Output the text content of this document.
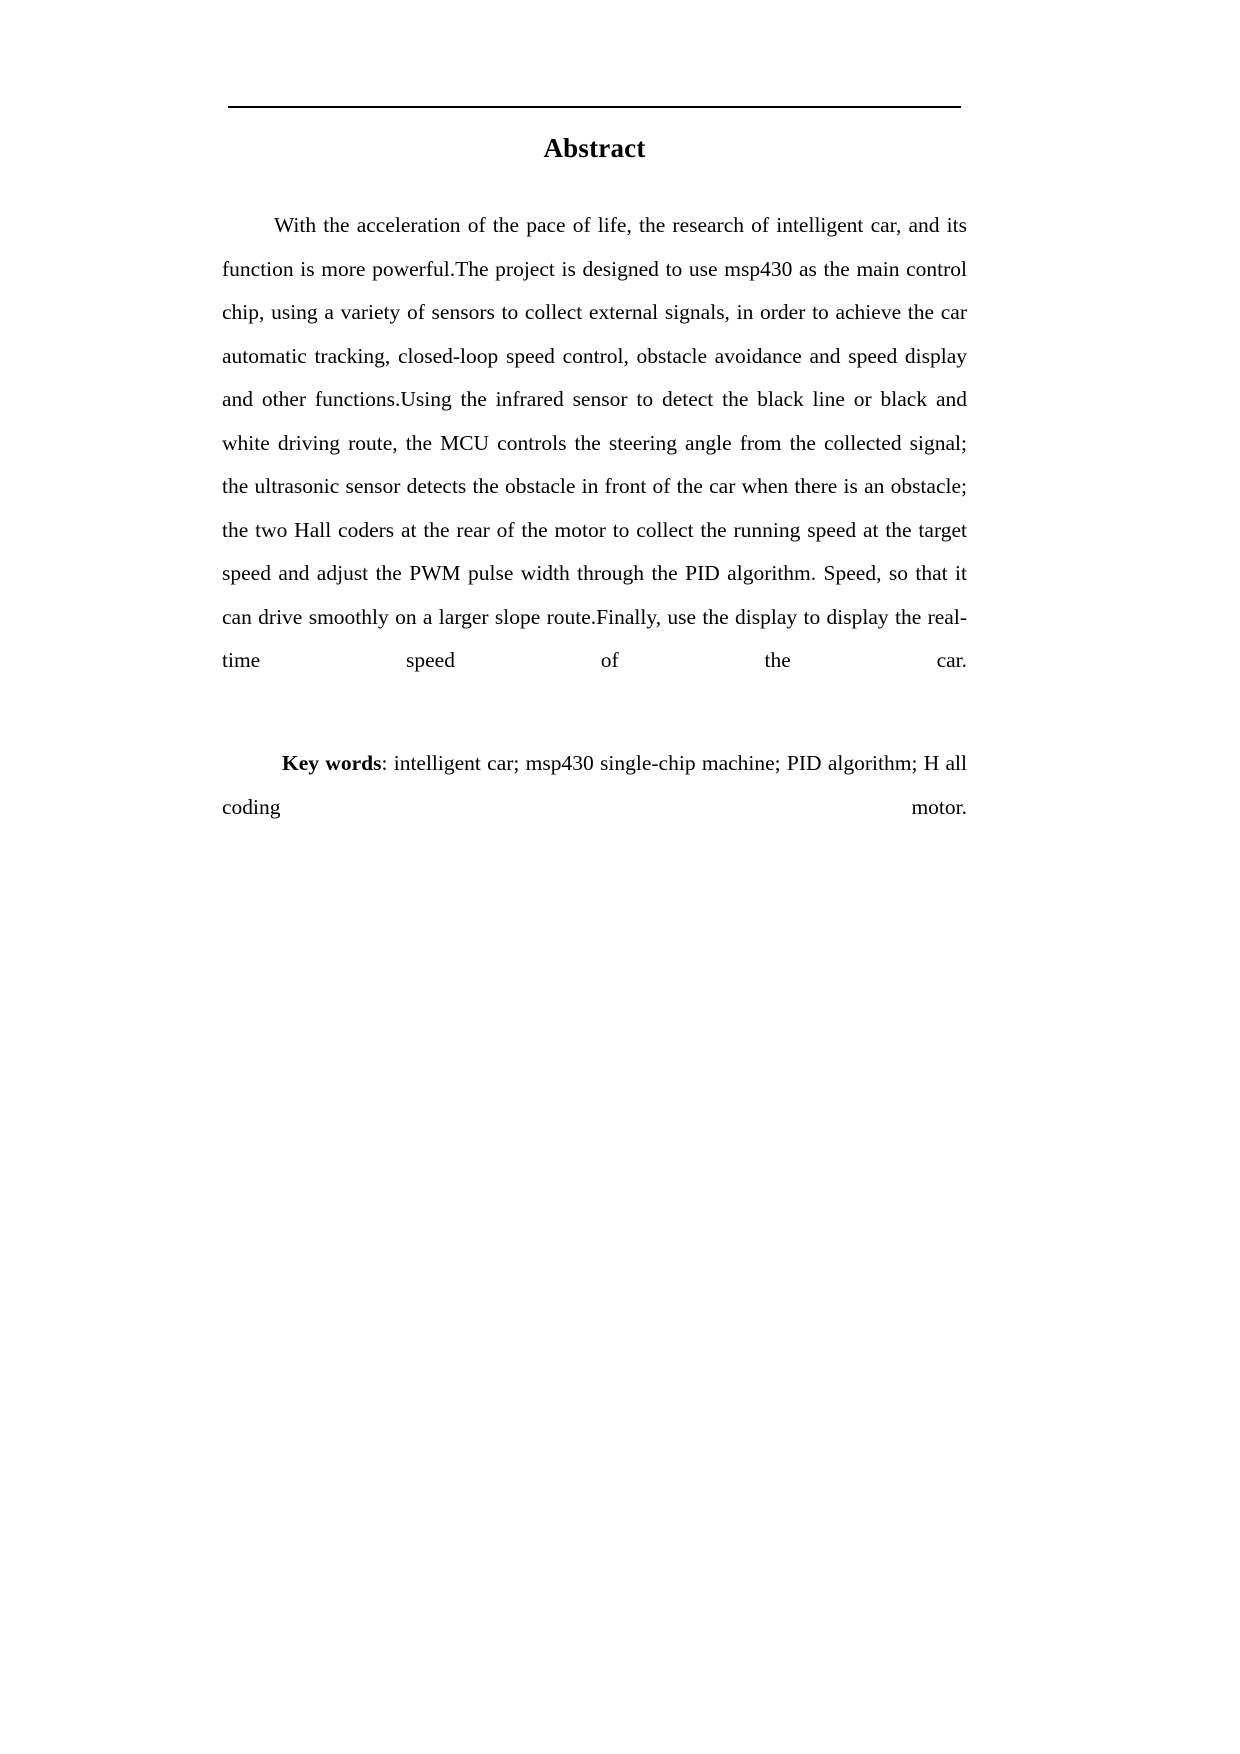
Abstract

With the acceleration of the pace of life, the research of intelligent car, and its function is more powerful.The project is designed to use msp430 as the main control chip, using a variety of sensors to collect external signals, in order to achieve the car automatic tracking, closed-loop speed control, obstacle avoidance and speed display and other functions.Using the infrared sensor to detect the black line or black and white driving route, the MCU controls the steering angle from the collected signal; the ultrasonic sensor detects the obstacle in front of the car when there is an obstacle; the two Hall coders at the rear of the motor to collect the running speed at the target speed and adjust the PWM pulse width through the PID algorithm. Speed, so that it can drive smoothly on a larger slope route.Finally, use the display to display the real-time speed of the car.

Key words: intelligent car; msp430 single-chip machine; PID algorithm; H all coding motor.
